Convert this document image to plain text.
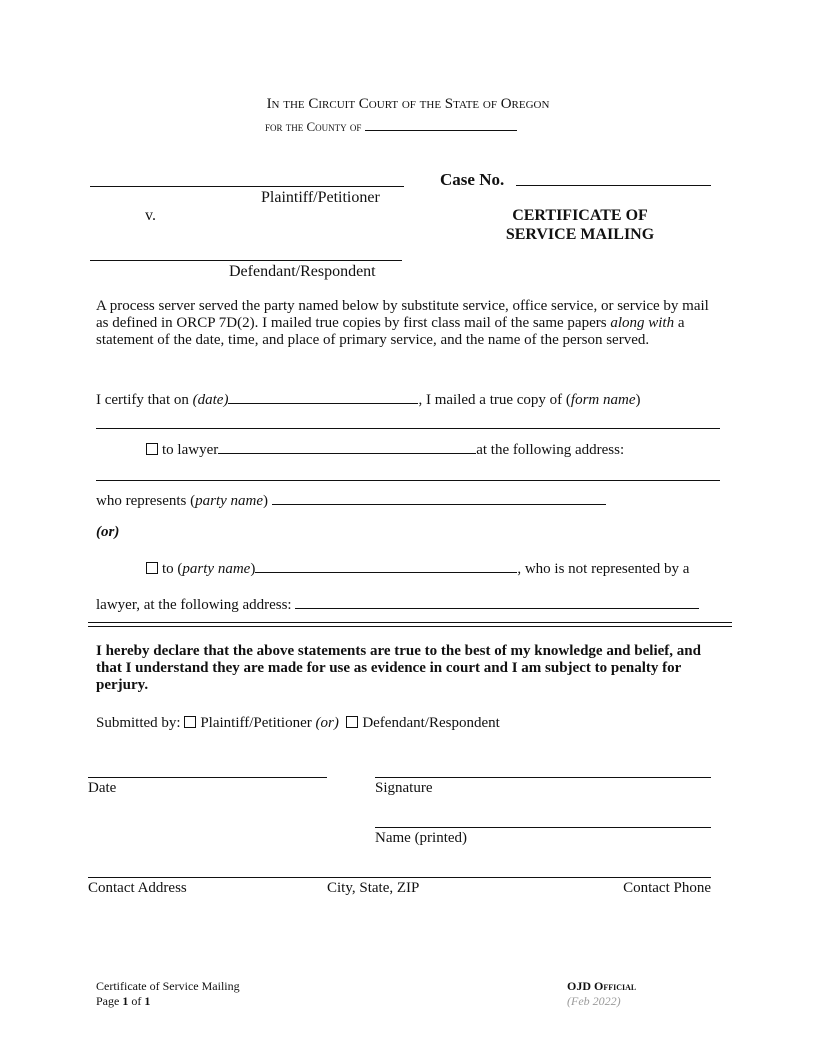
In the Circuit Court of the State of Oregon
for the County of
Plaintiff/Petitioner
v.
Defendant/Respondent
Case No.
CERTIFICATE OF
SERVICE MAILING
A process server served the party named below by substitute service, office service, or service by mail as defined in ORCP 7D(2). I mailed true copies by first class mail of the same papers along with a statement of the date, time, and place of primary service, and the name of the person served.
I certify that on (date)	, I mailed a true copy of (form name)
to lawyer	at the following address:
who represents (party name)
(or)
to (party name)	, who is not represented by a
lawyer, at the following address:
I hereby declare that the above statements are true to the best of my knowledge and belief, and that I understand they are made for use as evidence in court and I am subject to penalty for perjury.
Submitted by: Plaintiff/Petitioner (or) Defendant/Respondent
Date	Signature
Name (printed)
Contact Address	City, State, ZIP	Contact Phone
Certificate of Service Mailing
Page 1 of 1
OJD Official
(Feb 2022)
